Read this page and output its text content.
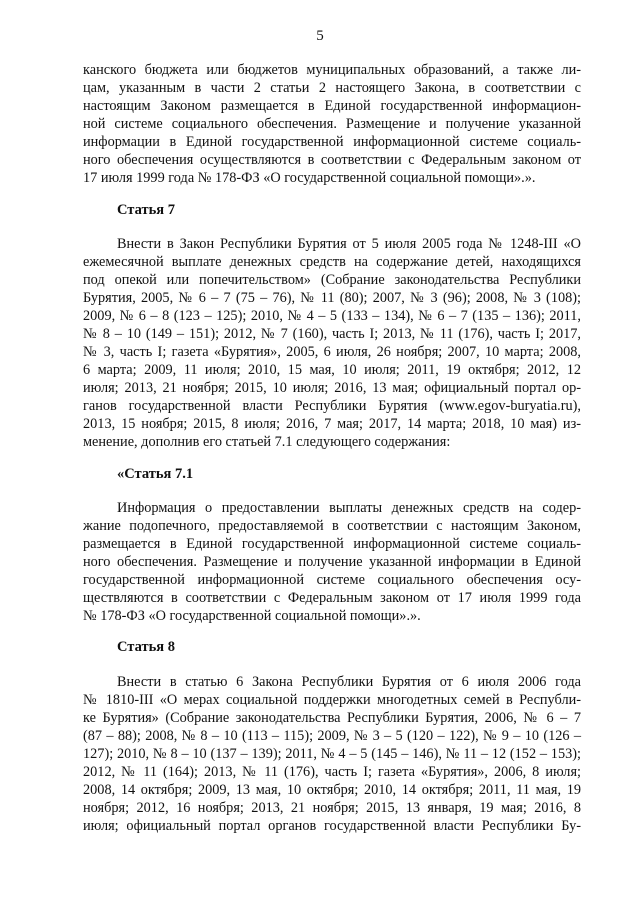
5
канского бюджета или бюджетов муниципальных образований, а также ли-
цам, указанным в части 2 статьи 2 настоящего Закона, в соответствии с
настоящим Законом размещается в Единой государственной информацион-
ной системе социального обеспечения. Размещение и получение указанной
информации в Единой государственной информационной системе социаль-
ного обеспечения осуществляются в соответствии с Федеральным законом от
17 июля 1999 года № 178-ФЗ «О государственной социальной помощи».».
Статья 7
Внести в Закон Республики Бурятия от 5 июля 2005 года № 1248-III «О
ежемесячной выплате денежных средств на содержание детей, находящихся
под опекой или попечительством» (Собрание законодательства Республики
Бурятия, 2005, № 6 – 7 (75 – 76), № 11 (80); 2007, № 3 (96); 2008, № 3 (108);
2009, № 6 – 8 (123 – 125); 2010, № 4 – 5 (133 – 134), № 6 – 7 (135 – 136); 2011,
№ 8 – 10 (149 – 151); 2012, № 7 (160), часть I; 2013, № 11 (176), часть I; 2017,
№ 3, часть I; газета «Бурятия», 2005, 6 июля, 26 ноября; 2007, 10 марта; 2008,
6 марта; 2009, 11 июля; 2010, 15 мая, 10 июля; 2011, 19 октября; 2012, 12
июля; 2013, 21 ноября; 2015, 10 июля; 2016, 13 мая; официальный портал ор-
ганов государственной власти Республики Бурятия (www.egov-buryatia.ru),
2013, 15 ноября; 2015, 8 июля; 2016, 7 мая; 2017, 14 марта; 2018, 10 мая) из-
менение, дополнив его статьей 7.1 следующего содержания:
«Статья 7.1
Информация о предоставлении выплаты денежных средств на содер-
жание подопечного, предоставляемой в соответствии с настоящим Законом,
размещается в Единой государственной информационной системе социаль-
ного обеспечения. Размещение и получение указанной информации в Единой
государственной информационной системе социального обеспечения осу-
ществляются в соответствии с Федеральным законом от 17 июля 1999 года
№ 178-ФЗ «О государственной социальной помощи».».
Статья 8
Внести в статью 6 Закона Республики Бурятия от 6 июля 2006 года
№ 1810-III «О мерах социальной поддержки многодетных семей в Республи-
ке Бурятия» (Собрание законодательства Республики Бурятия, 2006, № 6 – 7
(87 – 88); 2008, № 8 – 10 (113 – 115); 2009, № 3 – 5 (120 – 122), № 9 – 10 (126 –
127); 2010, № 8 – 10 (137 – 139); 2011, № 4 – 5 (145 – 146), № 11 – 12 (152 – 153);
2012, № 11 (164); 2013, № 11 (176), часть I; газета «Бурятия», 2006, 8 июля;
2008, 14 октября; 2009, 13 мая, 10 октября; 2010, 14 октября; 2011, 11 мая, 19
ноября; 2012, 16 ноября; 2013, 21 ноября; 2015, 13 января, 19 мая; 2016, 8
июля; официальный портал органов государственной власти Республики Бу-
